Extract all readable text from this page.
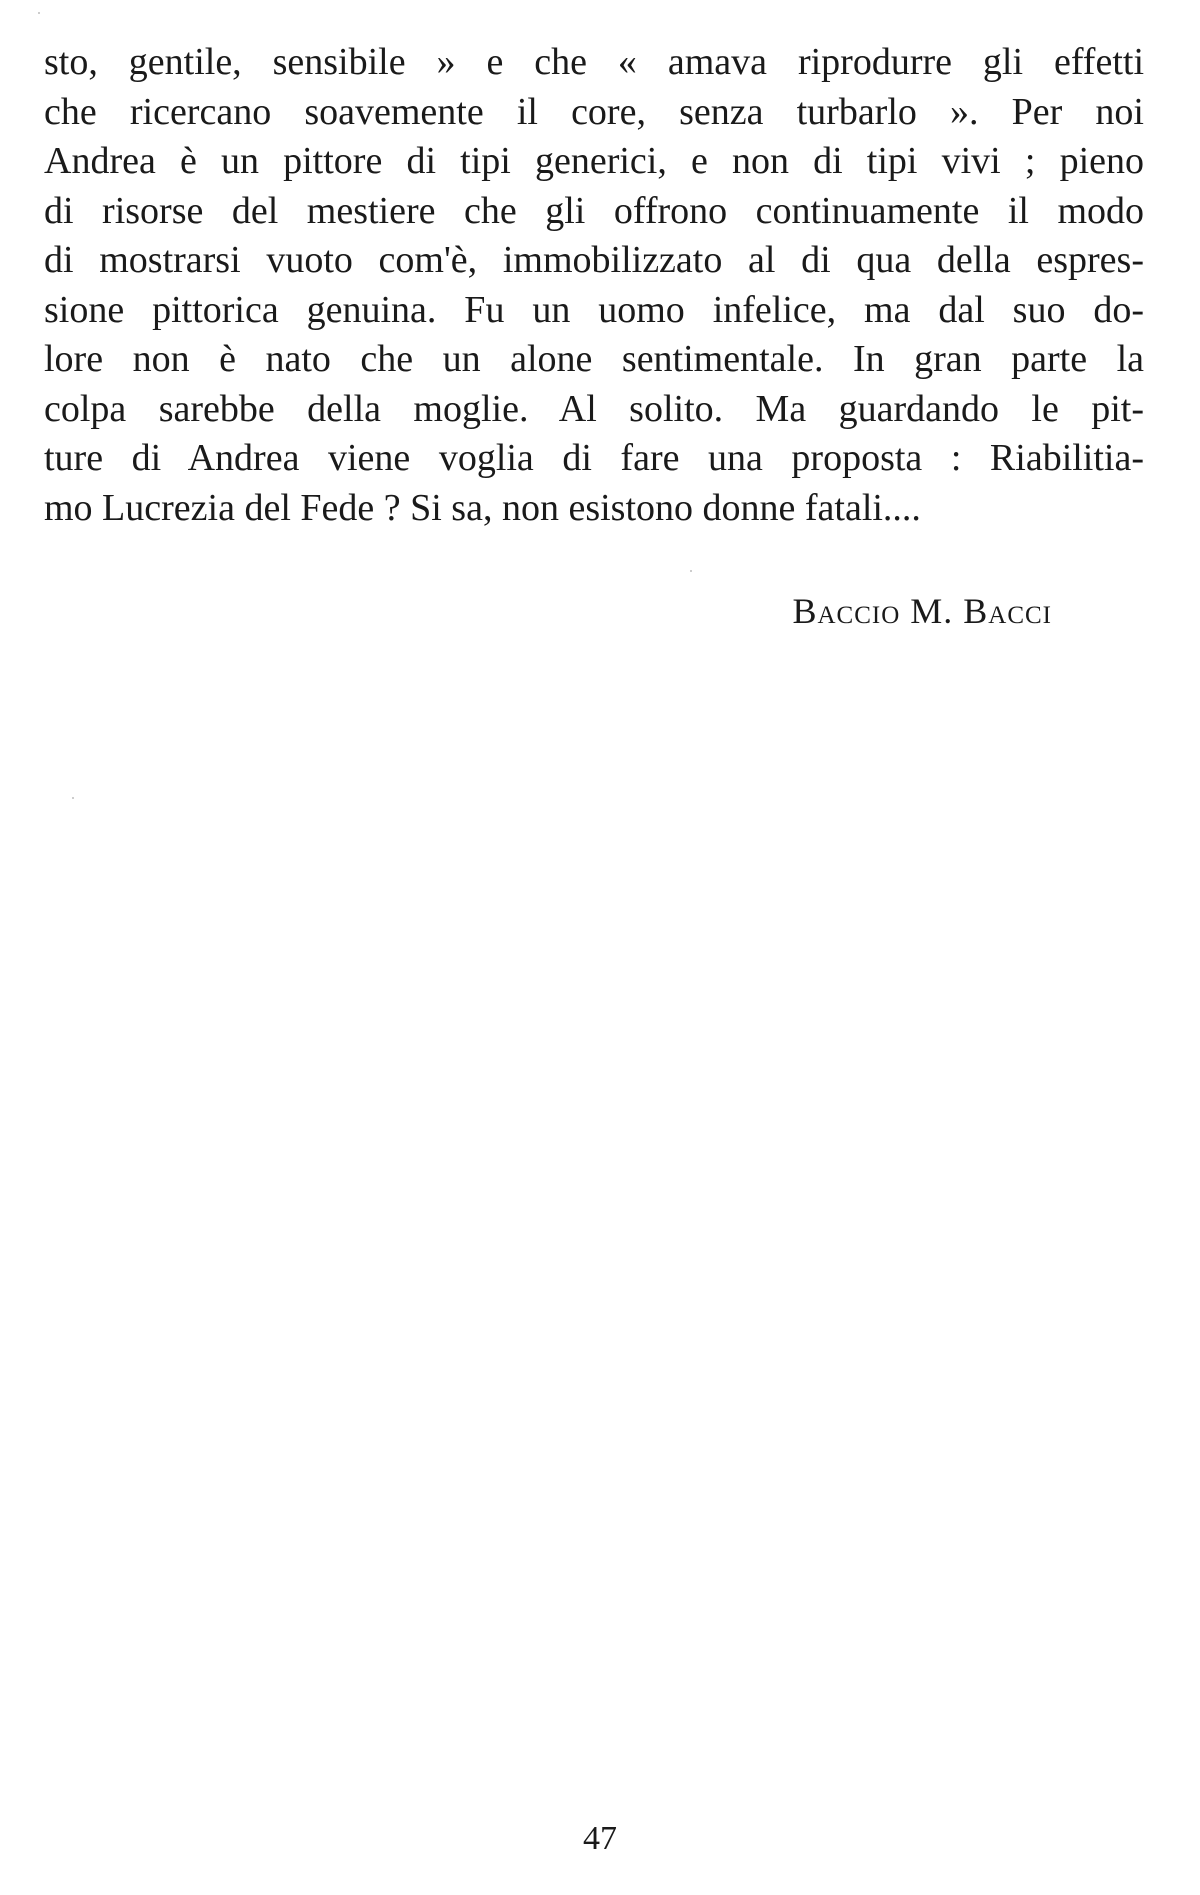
sto, gentile, sensibile » e che « amava riprodurre gli effetti
che ricercano soavemente il core, senza turbarlo ». Per noi
Andrea è un pittore di tipi generici, e non di tipi vivi ; pieno
di risorse del mestiere che gli offrono continuamente il modo
di mostrarsi vuoto com'è, immobilizzato al di qua della espres-
sione pittorica genuina. Fu un uomo infelice, ma dal suo do-
lore non è nato che un alone sentimentale. In gran parte la
colpa sarebbe della moglie. Al solito. Ma guardando le pit-
ture di Andrea viene voglia di fare una proposta : Riabilitia-
mo Lucrezia del Fede ? Si sa, non esistono donne fatali....
Baccio M. Bacci
47
